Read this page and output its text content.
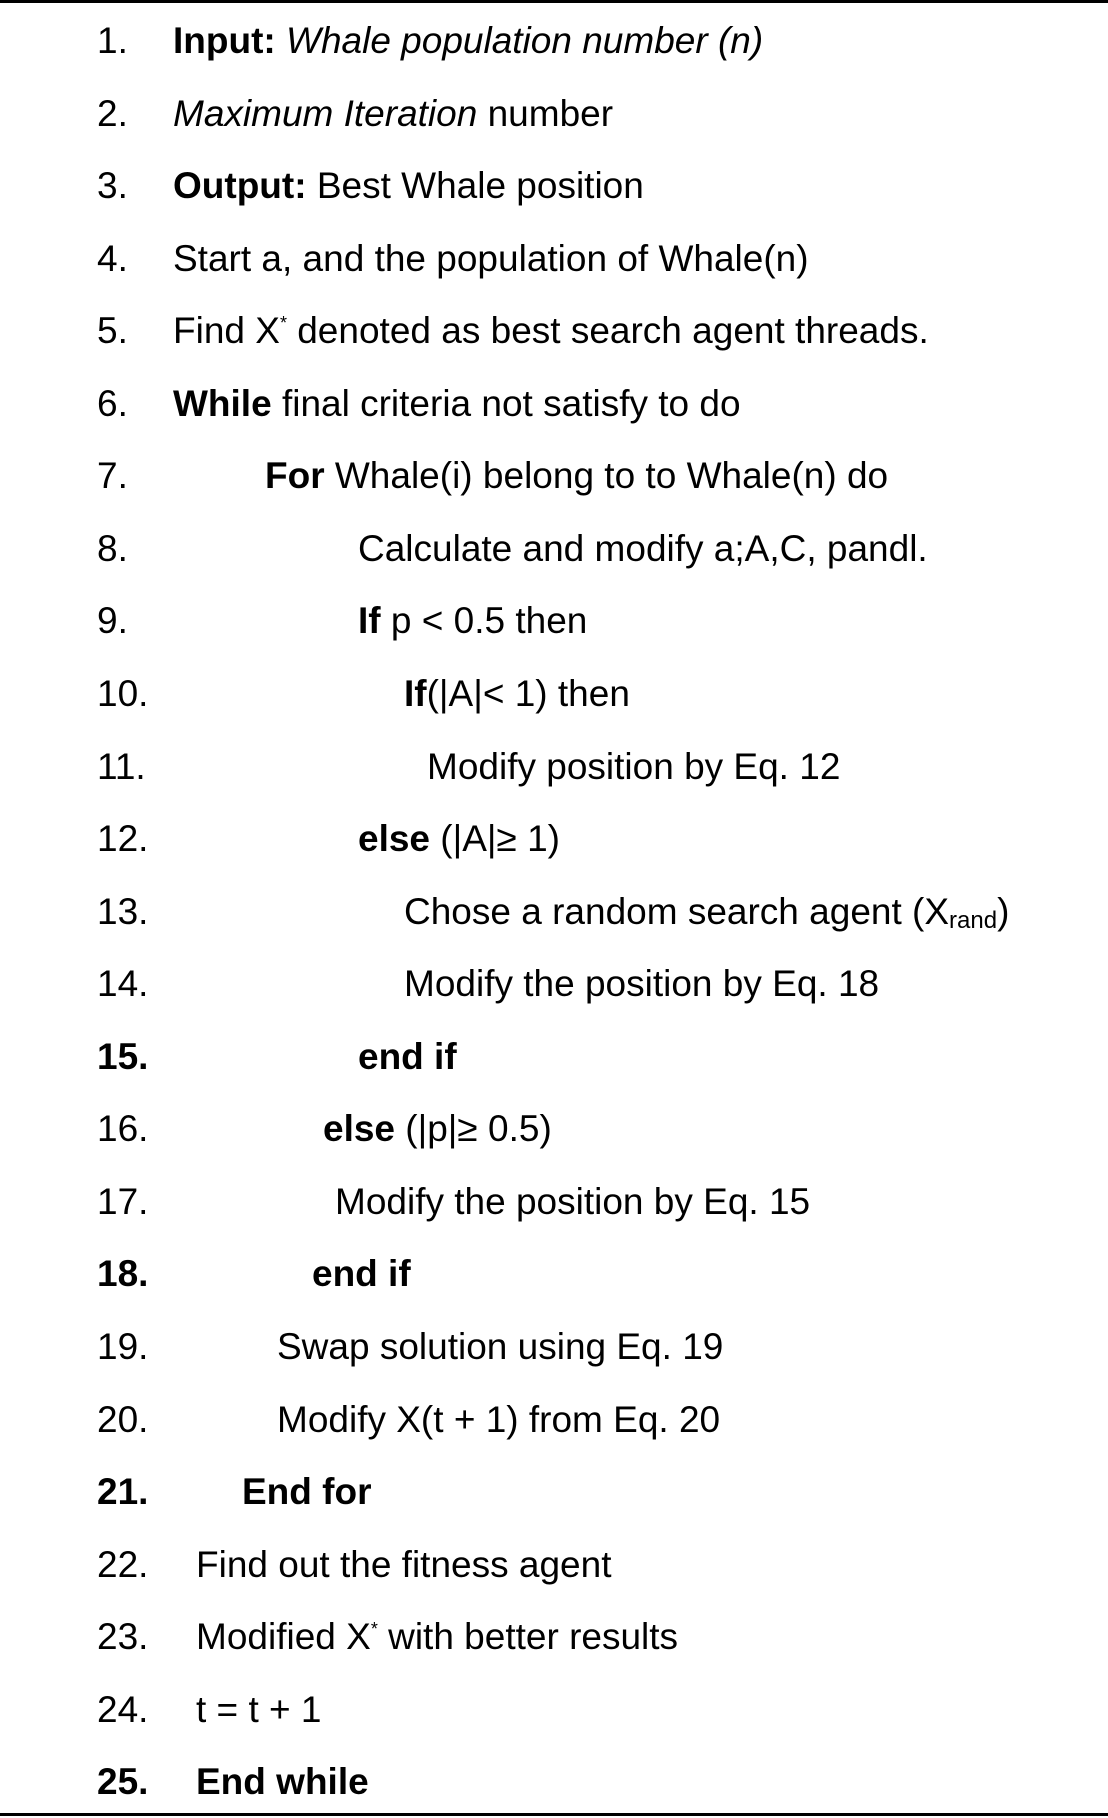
1. Input: Whale population number (n)
2. Maximum Iteration number
3. Output: Best Whale position
4. Start a, and the population of Whale(n)
5. Find X* denoted as best search agent threads.
6. While final criteria not satisfy to do
7.	For Whale(i) belong to to Whale(n) do
8.	Calculate and modify a;A,C, pandl.
9.	If p < 0.5 then
10.	If(|A|< 1) then
11.	Modify position by Eq. 12
12.	else (|A|≥ 1)
13.	Chose a random search agent $(X_{rand})$
14.	Modify the position by Eq. 18
15.	end if
16.	else (|p|≥ 0.5)
17.	Modify the position by Eq. 15
18.	end if
19.	Swap solution using Eq. 19
20.	Modify X(t + 1) from Eq. 20
21.	End for
22. Find out the fitness agent
23. Modified X* with better results
24. t = t + 1
25. End while
